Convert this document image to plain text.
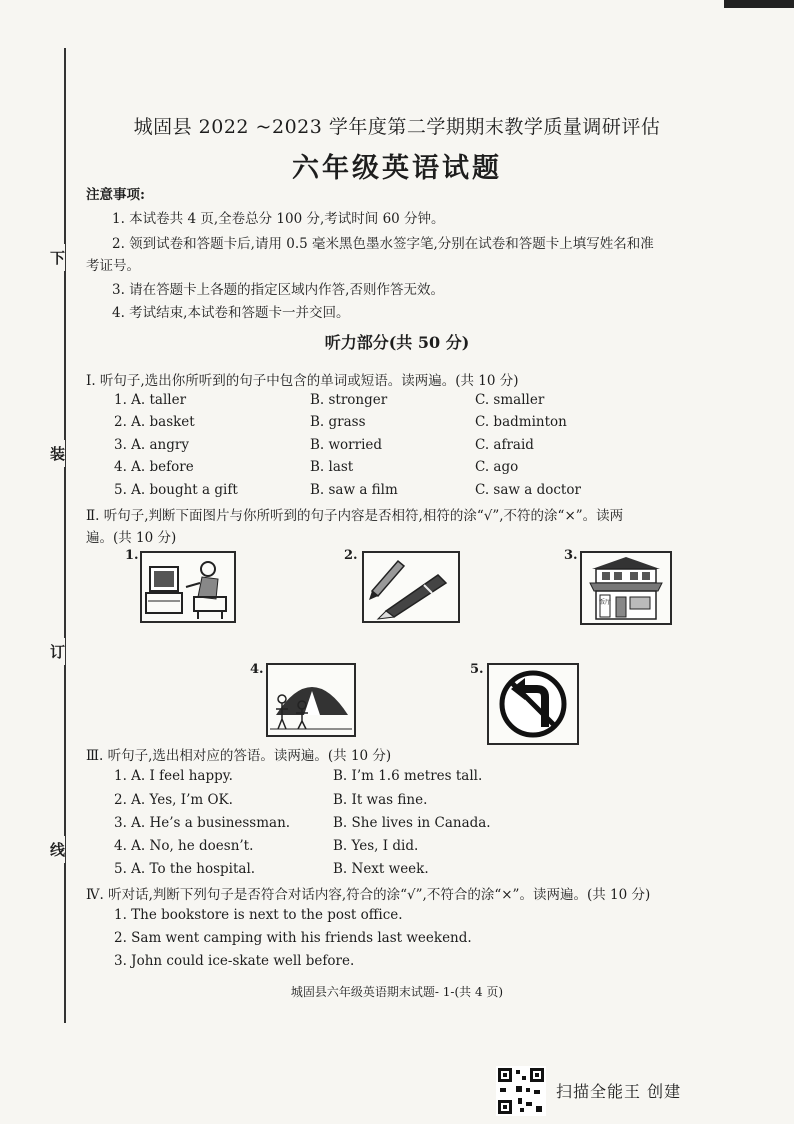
下
装
订
线
城固县 2022 ~2023 学年度第二学期期末教学质量调研评估
六年级英语试题
注意事项:
1. 本试卷共 4 页,全卷总分 100 分,考试时间 60 分钟。
2. 领到试卷和答题卡后,请用 0.5 毫米黑色墨水签字笔,分别在试卷和答题卡上填写姓名和准
考证号。
3. 请在答题卡上各题的指定区域内作答,否则作答无效。
4. 考试结束,本试卷和答题卡一并交回。
听力部分(共 50 分)
Ⅰ. 听句子,选出你所听到的句子中包含的单词或短语。读两遍。(共 10 分)
1. A. taller	B. stronger	C. smaller
2. A. basket	B. grass	C. badminton
3. A. angry	B. worried	C. afraid
4. A. before	B. last	C. ago
5. A. bought a gift	B. saw a film	C. saw a doctor
Ⅱ. 听句子,判断下面图片与你所听到的句子内容是否相符,相符的涂“√”,不符的涂“×”。读两
遍。(共 10 分)
1.	2.	3.
饭厅
4.	5.
Ⅲ. 听句子,选出相对应的答语。读两遍。(共 10 分)
1. A. I feel happy.	B. I’m 1.6 metres tall.
2. A. Yes, I’m OK.	B. It was fine.
3. A. He’s a businessman.	B. She lives in Canada.
4. A. No, he doesn’t.	B. Yes, I did.
5. A. To the hospital.	B. Next week.
Ⅳ. 听对话,判断下列句子是否符合对话内容,符合的涂“√”,不符合的涂“×”。读两遍。(共 10 分)
1. The bookstore is next to the post office.
2. Sam went camping with his friends last weekend.
3. John could ice-skate well before.
城固县六年级英语期末试题- 1-(共 4 页)
扫描全能王 创建
